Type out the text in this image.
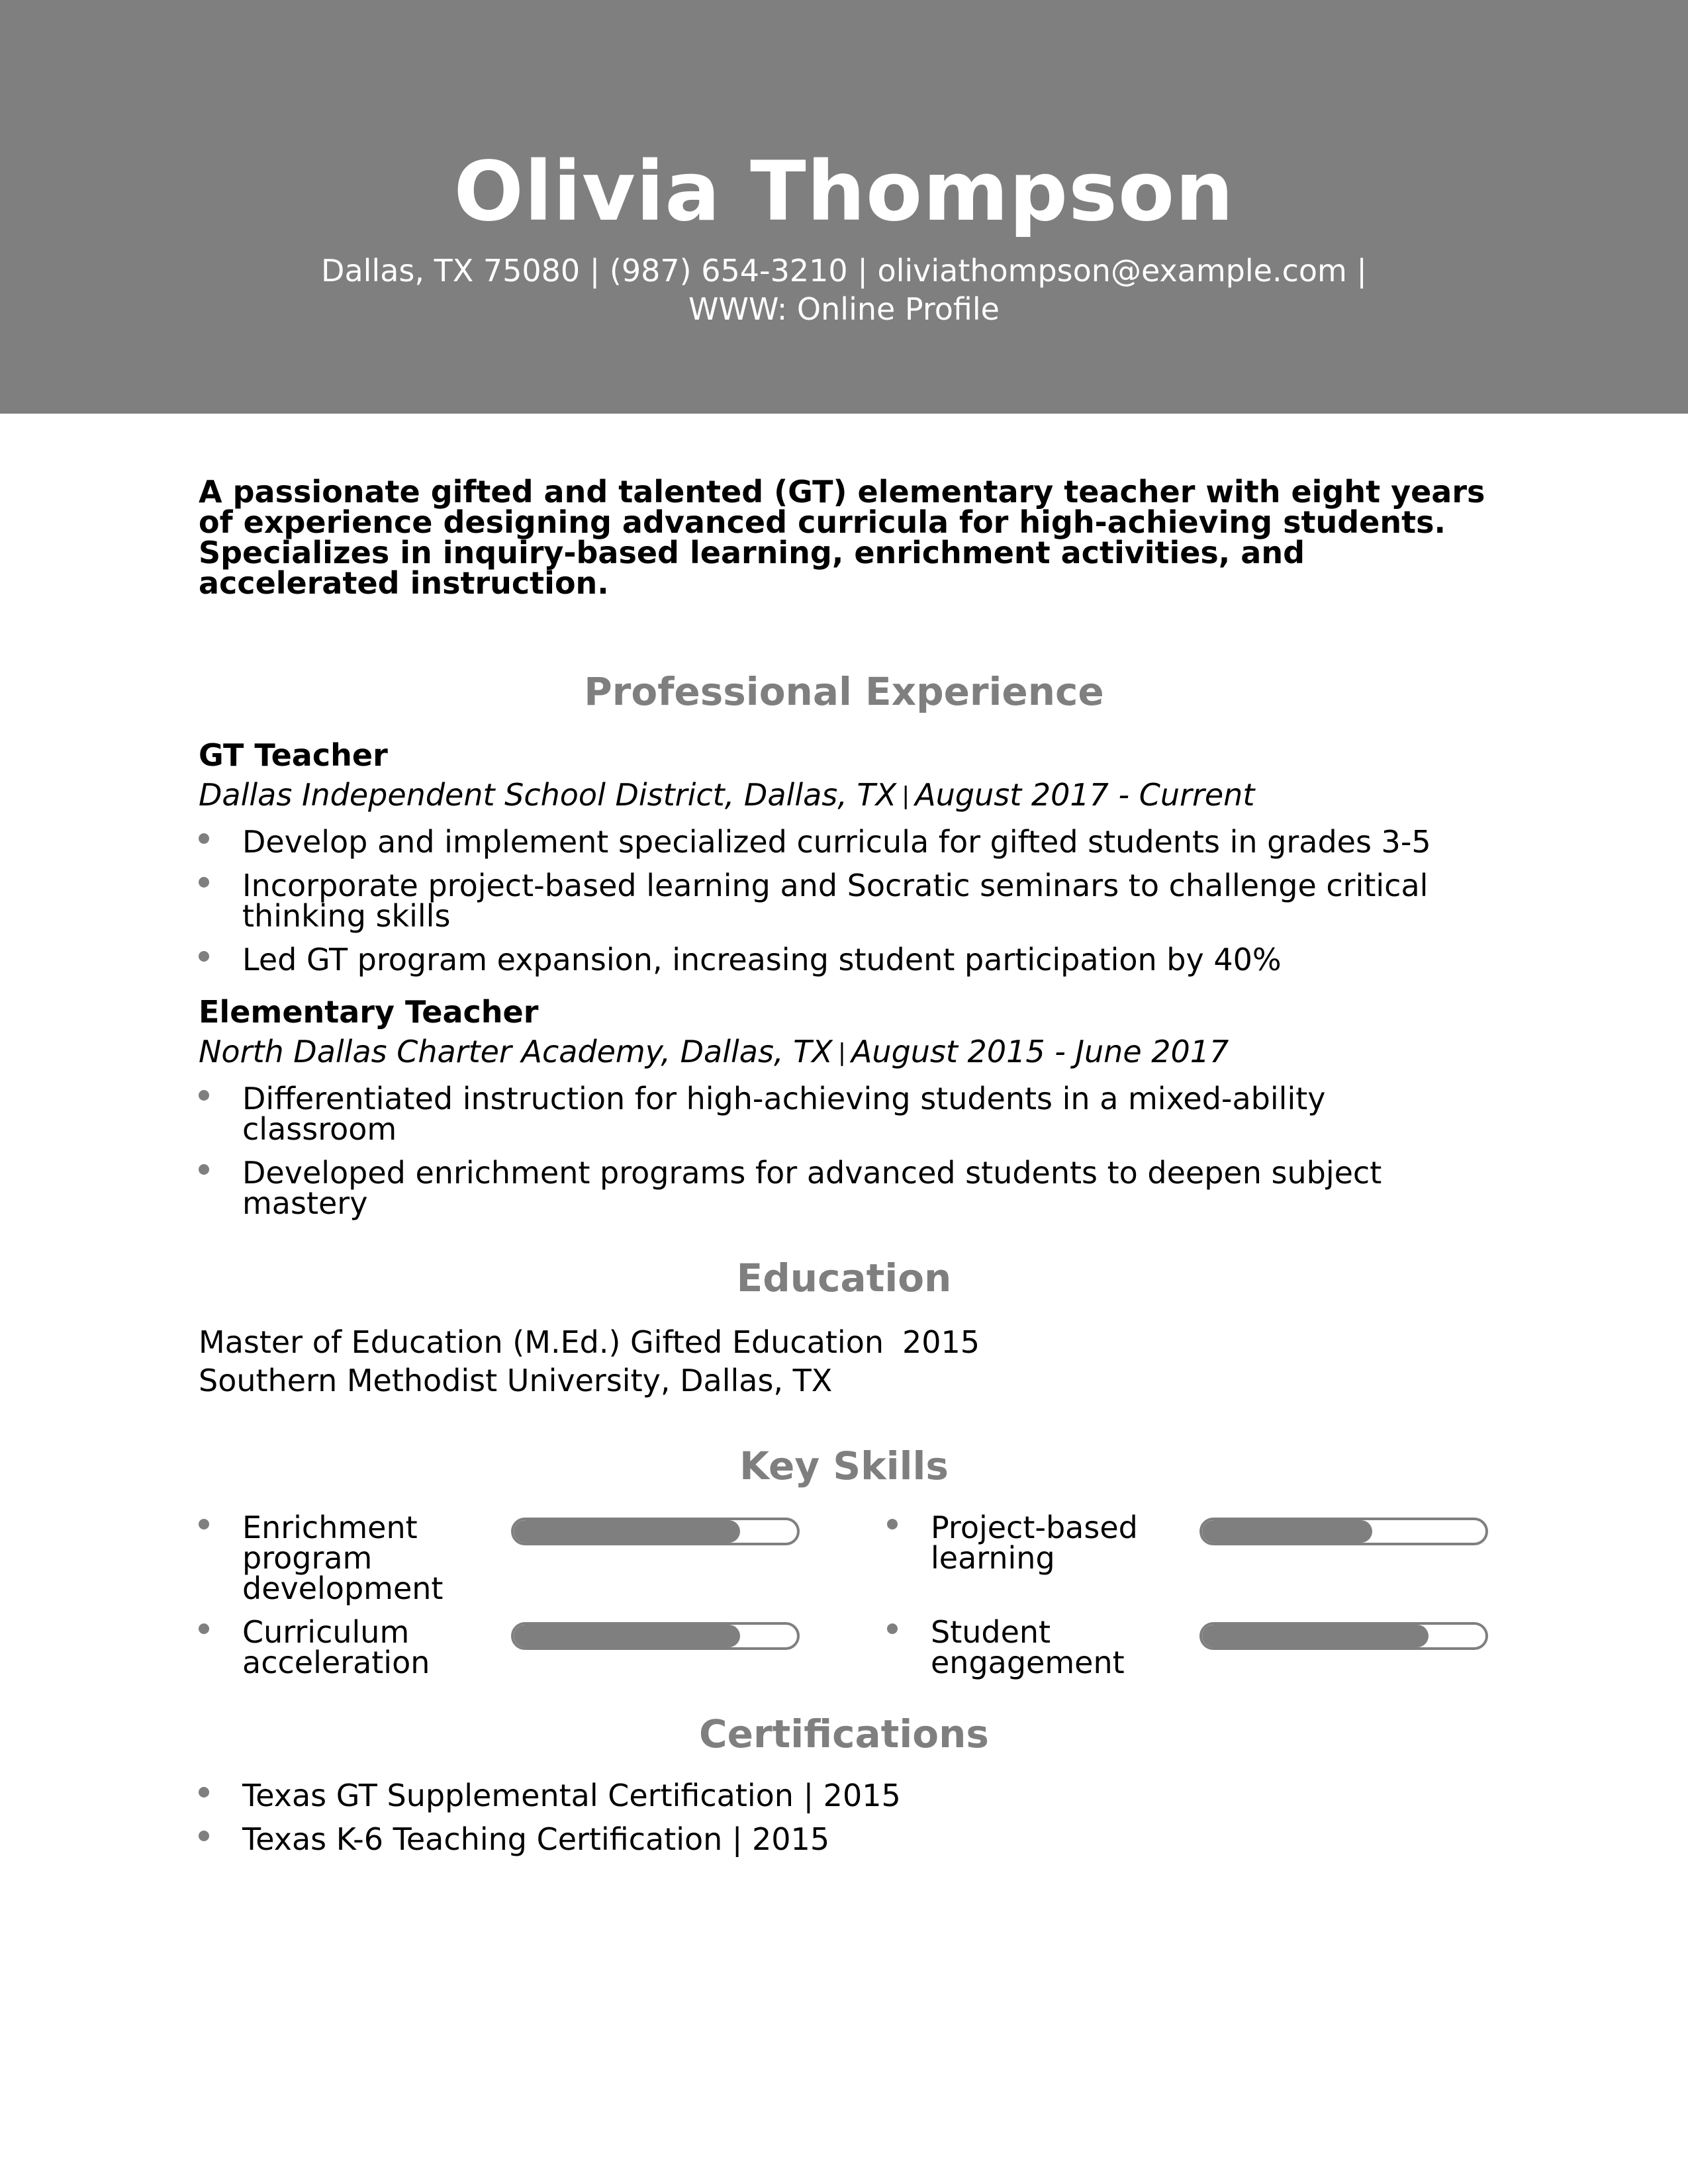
Olivia Thompson
Dallas, TX 75080 | (987) 654-3210 | oliviathompson@example.com |
WWW: Online Profile

A passionate gifted and talented (GT) elementary teacher with eight years of experience designing advanced curricula for high-achieving students. Specializes in inquiry-based learning, enrichment activities, and accelerated instruction.

Professional Experience
GT Teacher
Dallas Independent School District, Dallas, TX | August 2017 - Current
Develop and implement specialized curricula for gifted students in grades 3-5
Incorporate project-based learning and Socratic seminars to challenge critical thinking skills
Led GT program expansion, increasing student participation by 40%
Elementary Teacher
North Dallas Charter Academy, Dallas, TX | August 2015 - June 2017
Differentiated instruction for high-achieving students in a mixed-ability classroom
Developed enrichment programs for advanced students to deepen subject mastery
Education
Master of Education (M.Ed.) Gifted Education 2015
Southern Methodist University, Dallas, TX
Key Skills
Enrichment program development
Project-based learning
Curriculum acceleration
Student engagement
Certifications
Texas GT Supplemental Certification | 2015
Texas K-6 Teaching Certification | 2015
